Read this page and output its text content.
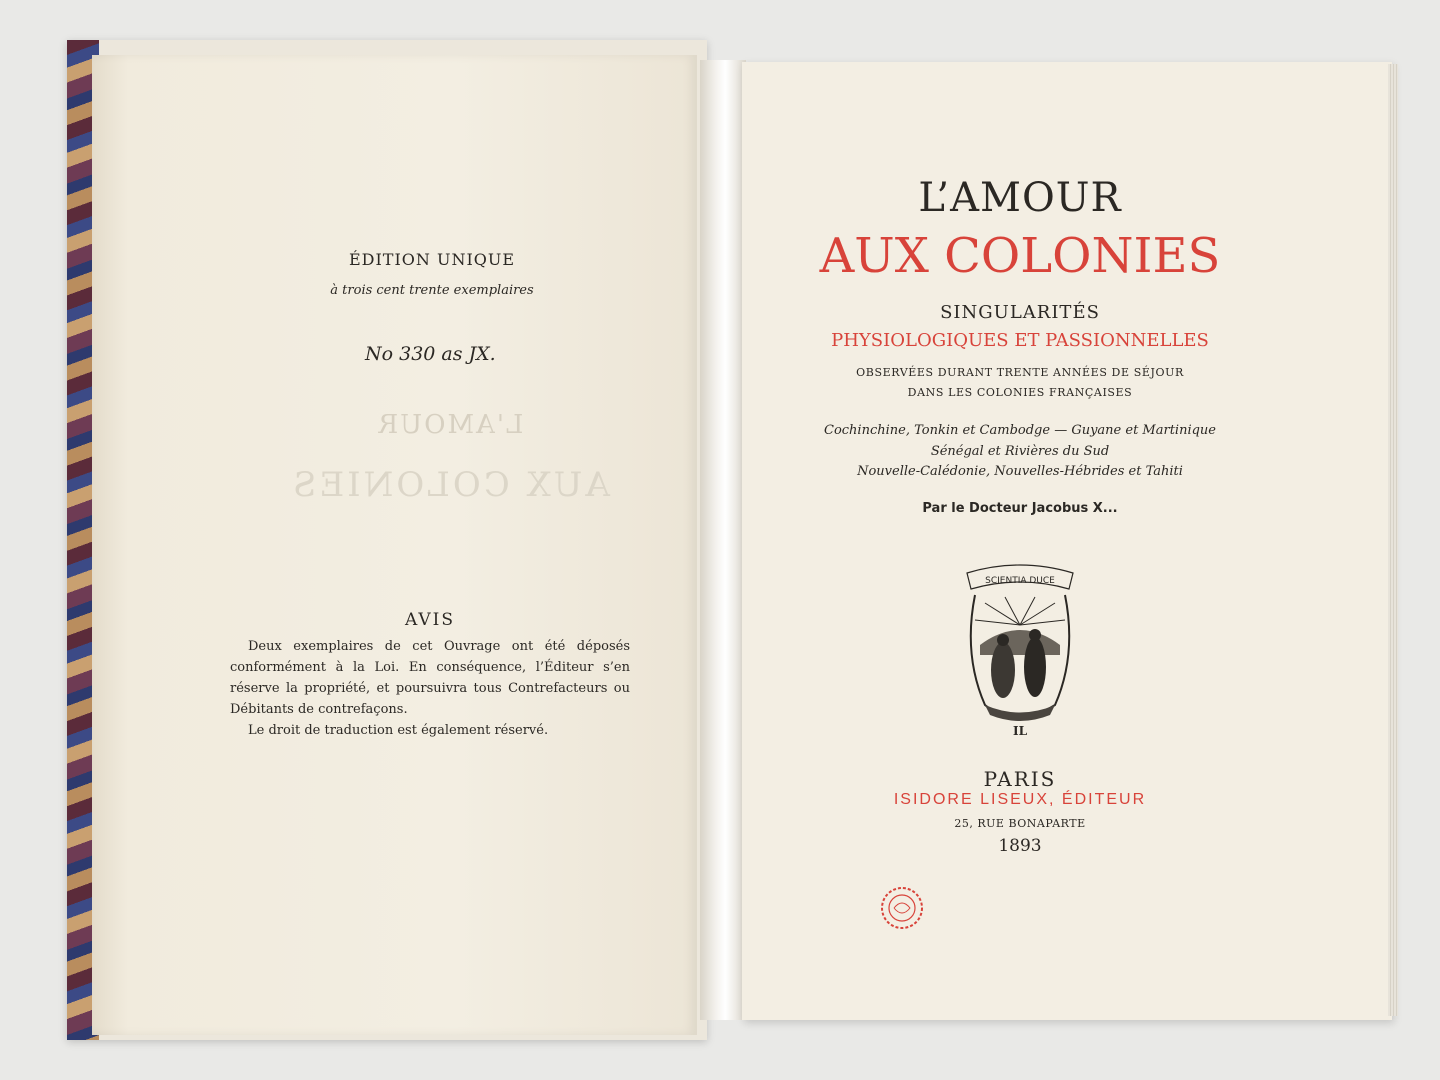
ÉDITION UNIQUE
à trois cent trente exemplaires
No 330 as JX.
L'AMOUR
AUX COLONIES
AVIS

Deux exemplaires de cet Ouvrage ont été déposés conformément à la Loi. En conséquence, l’Éditeur s’en réserve la propriété, et poursuivra tous Contrefacteurs ou Débitants de contrefaçons.

Le droit de traduction est également réservé.

L’AMOUR
AUX COLONIES
SINGULARITÉS
PHYSIOLOGIQUES ET PASSIONNELLES
OBSERVÉES DURANT TRENTE ANNÉES DE SÉJOUR
DANS LES COLONIES FRANÇAISES
Cochinchine, Tonkin et Cambodge — Guyane et Martinique
Sénégal et Rivières du Sud
Nouvelle-Calédonie, Nouvelles-Hébrides et Tahiti
Par le Docteur Jacobus X...
SCIENTIA DUCE
IL
PARIS
ISIDORE LISEUX, ÉDITEUR
25, RUE BONAPARTE
1893
